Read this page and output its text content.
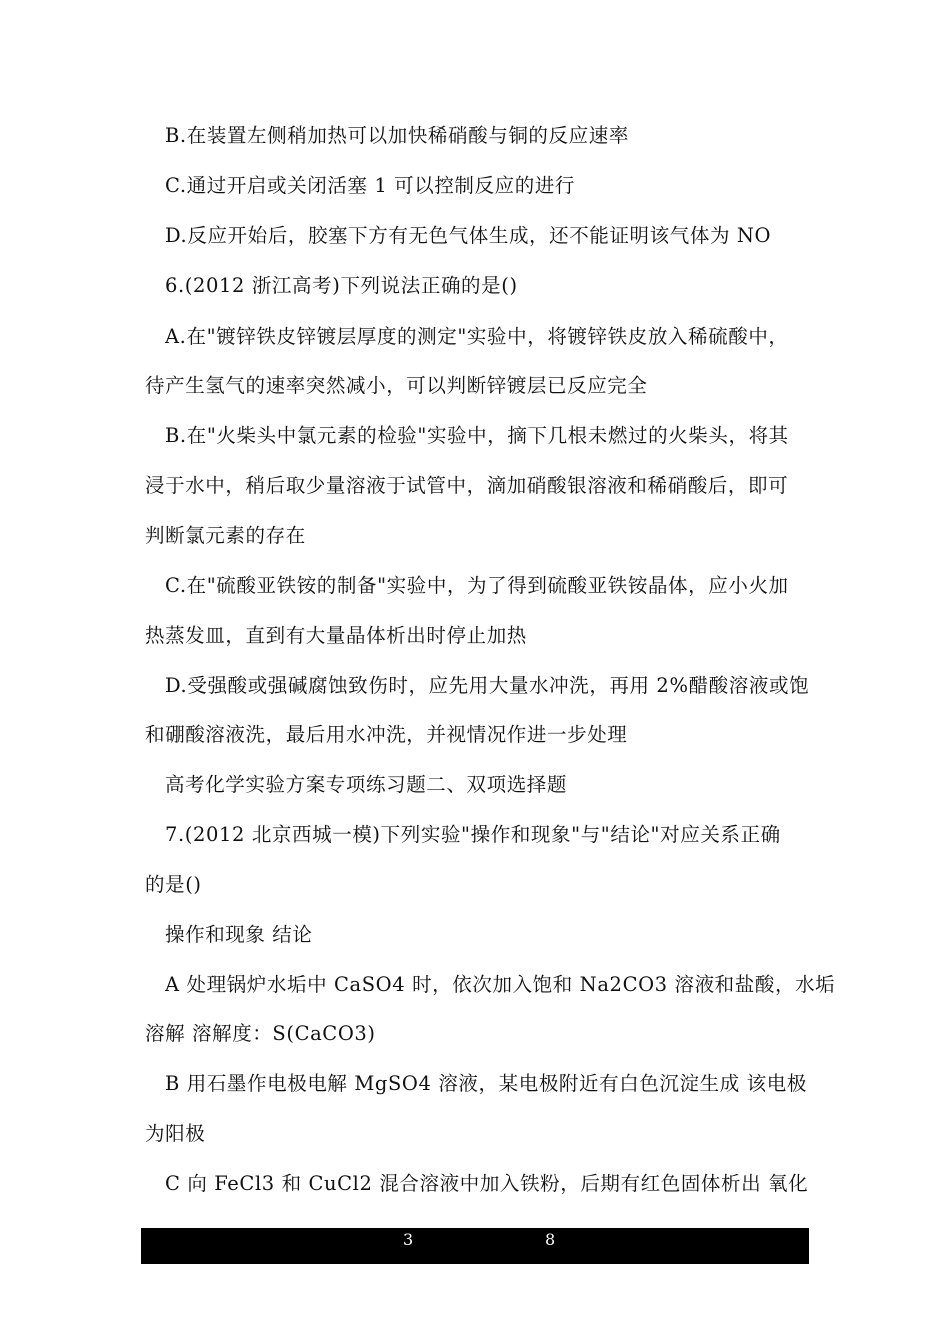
B.在装置左侧稍加热可以加快稀硝酸与铜的反应速率
C.通过开启或关闭活塞 1 可以控制反应的进行
D.反应开始后，胶塞下方有无色气体生成，还不能证明该气体为 NO
6.(2012 浙江高考)下列说法正确的是()
A.在"镀锌铁皮锌镀层厚度的测定"实验中，将镀锌铁皮放入稀硫酸中，
待产生氢气的速率突然减小，可以判断锌镀层已反应完全
B.在"火柴头中氯元素的检验"实验中，摘下几根未燃过的火柴头，将其
浸于水中，稍后取少量溶液于试管中，滴加硝酸银溶液和稀硝酸后，即可
判断氯元素的存在
C.在"硫酸亚铁铵的制备"实验中，为了得到硫酸亚铁铵晶体，应小火加
热蒸发皿，直到有大量晶体析出时停止加热
D.受强酸或强碱腐蚀致伤时，应先用大量水冲洗，再用 2%醋酸溶液或饱
和硼酸溶液洗，最后用水冲洗，并视情况作进一步处理
高考化学实验方案专项练习题二、双项选择题
7.(2012 北京西城一模)下列实验"操作和现象"与"结论"对应关系正确
的是()
操作和现象 结论
A 处理锅炉水垢中 CaSO4 时，依次加入饱和 Na2CO3 溶液和盐酸，水垢
溶解 溶解度：S(CaCO3)
B 用石墨作电极电解 MgSO4 溶液，某电极附近有白色沉淀生成 该电极
为阳极
C 向 FeCl3 和 CuCl2 混合溶液中加入铁粉，后期有红色固体析出 氧化
3	8
